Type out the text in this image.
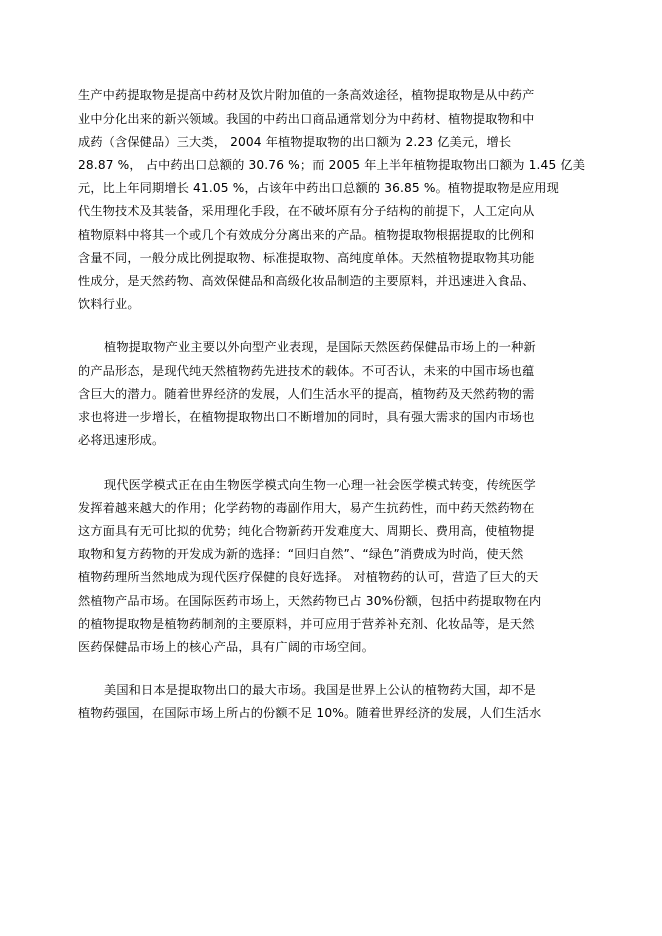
生产中药提取物是提高中药材及饮片附加值的一条高效途径，植物提取物是从中药产
业中分化出来的新兴领域。我国的中药出口商品通常划分为中药材、植物提取物和中
成药（含保健品）三大类， 2004 年植物提取物的出口额为 2.23 亿美元，增长
28.87 %， 占中药出口总额的 30.76 %；而 2005 年上半年植物提取物出口额为 1.45 亿美
元，比上年同期增长 41.05 %，占该年中药出口总额的 36.85 %。植物提取物是应用现
代生物技术及其装备，采用理化手段，在不破坏原有分子结构的前提下，人工定向从
植物原料中将其一个或几个有效成分分离出来的产品。植物提取物根据提取的比例和
含量不同，一般分成比例提取物、标准提取物、高纯度单体。天然植物提取物其功能
性成分，是天然药物、高效保健品和高级化妆品制造的主要原料，并迅速进入食品、
饮料行业。
植物提取物产业主要以外向型产业表现，是国际天然医药保健品市场上的一种新
的产品形态，是现代纯天然植物药先进技术的载体。不可否认，未来的中国市场也蕴
含巨大的潜力。随着世界经济的发展，人们生活水平的提高，植物药及天然药物的需
求也将进一步增长，在植物提取物出口不断增加的同时，具有强大需求的国内市场也
必将迅速形成。
现代医学模式正在由生物医学模式向生物一心理一社会医学模式转变，传统医学
发挥着越来越大的作用；化学药物的毒副作用大，易产生抗药性，而中药天然药物在
这方面具有无可比拟的优势；纯化合物新药开发难度大、周期长、费用高，使植物提
取物和复方药物的开发成为新的选择：“回归自然”、“绿色”消费成为时尚，使天然
植物药理所当然地成为现代医疗保健的良好选择。 对植物药的认可，营造了巨大的天
然植物产品市场。在国际医药市场上，天然药物已占 30%份额，包括中药提取物在内
的植物提取物是植物药制剂的主要原料，并可应用于营养补充剂、化妆品等，是天然
医药保健品市场上的核心产品，具有广阔的市场空间。
美国和日本是提取物出口的最大市场。我国是世界上公认的植物药大国，却不是
植物药强国，在国际市场上所占的份额不足 10%。随着世界经济的发展，人们生活水
